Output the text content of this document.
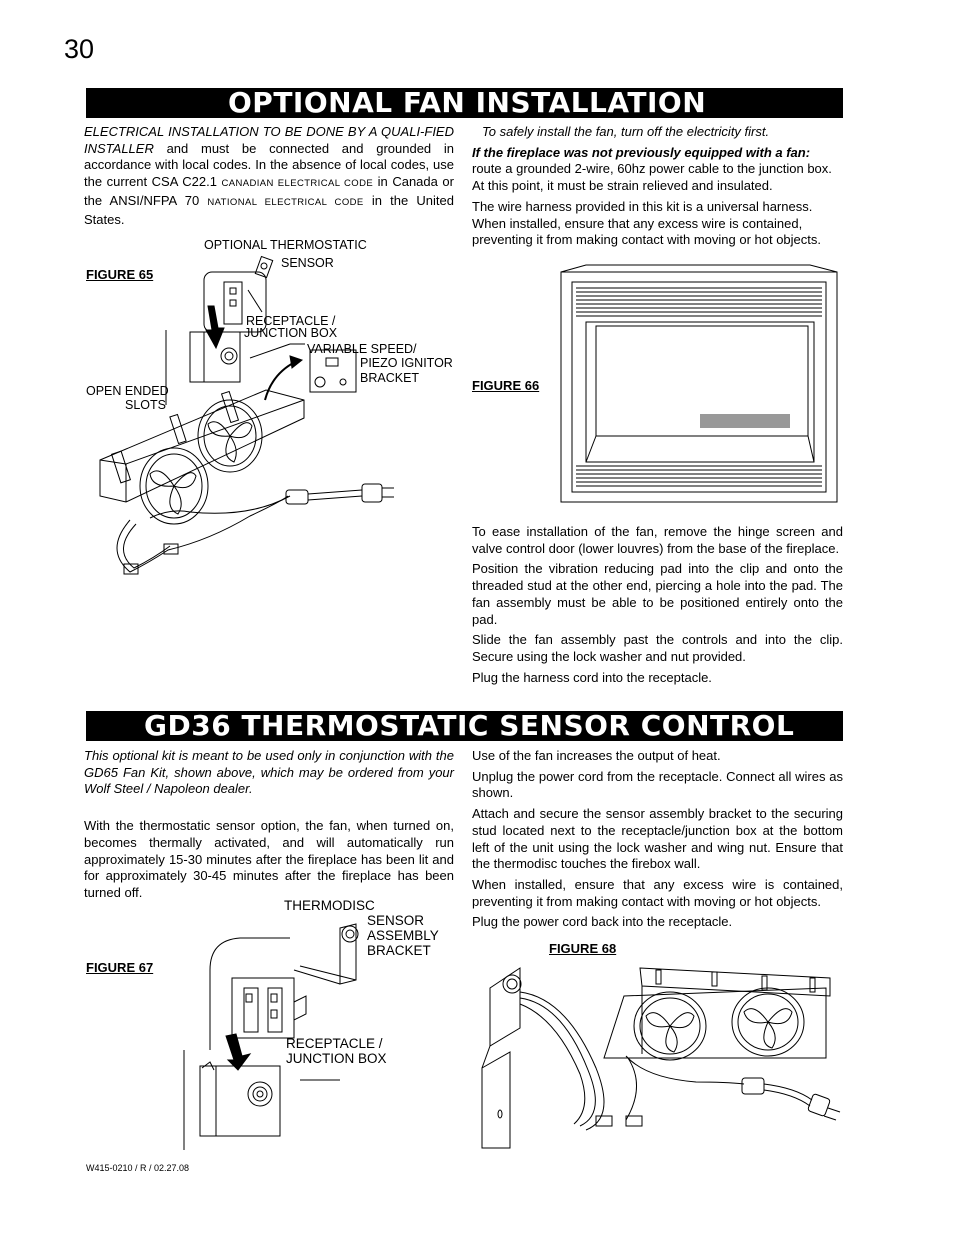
30
OPTIONAL FAN INSTALLATION
ELECTRICAL INSTALLATION TO BE DONE BY A QUALI-FIED INSTALLER and must be connected and grounded in accordance with local codes. In the absence of local codes, use the current CSA C22.1 CANADIAN ELECTRICAL CODE in Canada or the ANSI/NFPA 70 NATIONAL ELECTRICAL CODE in the United States.

To safely install the fan, turn off the electricity first.

If the fireplace was not previously equipped with a fan:

route a grounded 2-wire, 60hz power cable to the junction box. At this point, it must be strain relieved and insulated.

The wire harness provided in this kit is a universal harness. When installed, ensure that any excess wire is contained, preventing it from making contact with moving or hot objects.

FIGURE 65
OPTIONAL THERMOSTATIC
SENSOR
RECEPTACLE /
JUNCTION BOX
VARIABLE SPEED/
PIEZO IGNITOR
BRACKET
OPEN ENDED
SLOTS
FIGURE 66

To ease installation of the fan, remove the hinge screen and valve control door (lower louvres) from the base of the fireplace.

Position the vibration reducing pad into the clip and onto the threaded stud at the other end, piercing a hole into the pad. The fan assembly must be able to be positioned entirely onto the pad.

Slide the fan assembly past the controls and into the clip. Secure using the lock washer and nut provided.

Plug the harness cord into the receptacle.

GD36 THERMOSTATIC SENSOR CONTROL

This optional kit is meant to be used only in conjunction with the GD65 Fan Kit, shown above, which may be ordered from your Wolf Steel / Napoleon dealer.

With the thermostatic sensor option, the fan, when turned on, becomes thermally activated, and will automatically run approximately 15-30 minutes after the fireplace has been lit and for approximately 30-45 minutes after the fireplace has been turned off.

Use of the fan increases the output of heat.

Unplug the power cord from the receptacle. Connect all wires as shown.

Attach and secure the sensor assembly bracket to the securing stud located next to the receptacle/junction box at the bottom left of the unit using the lock washer and wing nut. Ensure that the thermodisc touches the firebox wall.

When installed, ensure that any excess wire is contained, preventing it from making contact with moving or hot objects.

Plug the power cord back into the receptacle.

FIGURE 67
THERMODISC
SENSOR
ASSEMBLY
BRACKET
RECEPTACLE /
JUNCTION BOX
FIGURE 68
W415-0210 / R / 02.27.08
